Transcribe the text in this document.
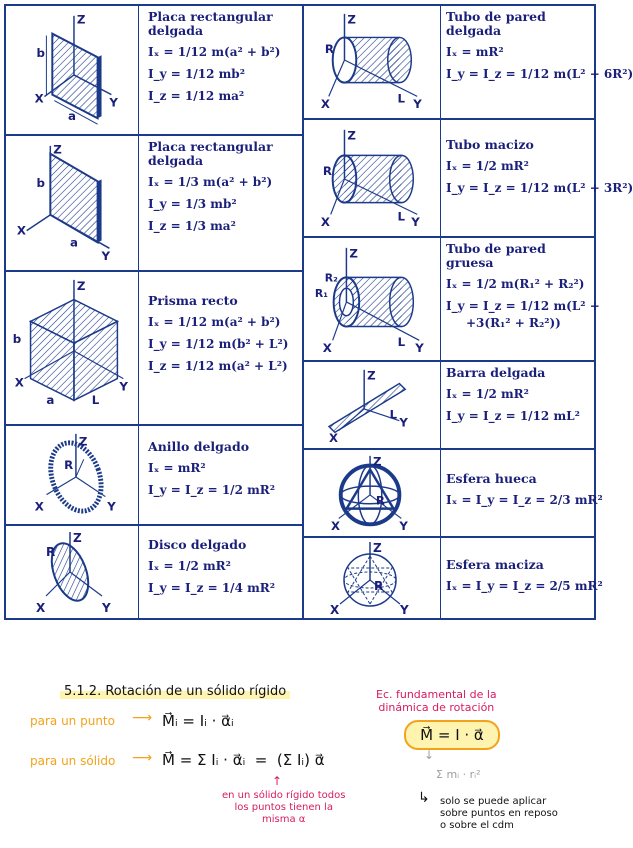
Z
X	Y
a
b
Placa rectangular
delgada
Iₓ = 1/12 m(a² + b²)
I_y = 1/12 mb²
I_z = 1/12 ma²
Z
X
Y
a
b
Placa rectangular
delgada
Iₓ = 1/3 m(a² + b²)
I_y = 1/3 mb²
I_z = 1/3 ma²
Z
X	Y
a
b
L
Prisma recto
Iₓ = 1/12 m(a² + b²)
I_y = 1/12 m(b² + L²)
I_z = 1/12 m(a² + L²)
Z
X	Y
R
Anillo delgado
Iₓ = mR²
I_y = I_z = 1/2 mR²
Z
X	Y
R	Disco delgado
Iₓ = 1/2 mR²
I_y = I_z = 1/4 mR²
Z
X	Y
R
L
Tubo de pared
delgada
Iₓ = mR²
I_y = I_z = 1/12 m(L² + 6R²)
Z
X	Y
R
L
Tubo macizo
Iₓ = 1/2 mR²
I_y = I_z = 1/12 m(L² + 3R²)
Z
X	Y
R₂
R₁
L
Tubo de pared
gruesa
Iₓ = 1/2 m(R₁² + R₂²)
I_y = I_z = 1/12 m(L² +
+3(R₁² + R₂²))
Z
X
Y
L
Barra delgada
Iₓ = 1/2 mR²
I_y = I_z = 1/12 mL²
Z
X	Y
R
Esfera hueca
Iₓ = I_y = I_z = 2/3 mR²
Z
X	Y
R
Esfera maciza
Iₓ = I_y = I_z = 2/5 mR²
5.1.2. Rotación de un sólido rígido
para un punto ⟶ M⃗ᵢ = Iᵢ · α⃗ᵢ
para un sólido ⟶ M⃗ = Σ Iᵢ · α⃗ᵢ  =  (Σ Iᵢ) α⃗
↑
en un sólido rígido todos
los puntos tienen la
misma α
Ec. fundamental de la
dinámica de rotación
M⃗ = I · α⃗
↓
Σ mᵢ · rᵢ²
↳ solo se puede aplicar
sobre puntos en reposo
o sobre el cdm
